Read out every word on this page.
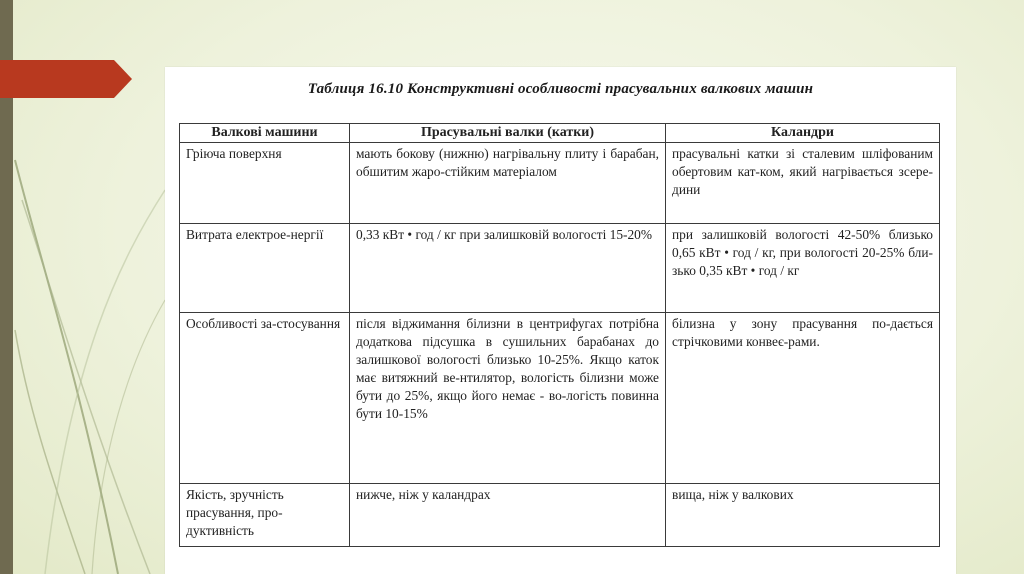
Таблиця 16.10 Конструктивні особливості прасувальних валкових машин
Валкові машини	Прасувальні валки (катки)	Каландри
Гріюча поверхня	мають бокову (нижню) нагрівальну плиту і барабан, обшитим жаро-стійким матеріалом	прасувальні катки зі сталевим шліфованим обертовим кат-ком, який нагрівається зсере-дини
Витрата електрое-нергії	0,33 кВт • год / кг при залишковій вологості 15-20%	при залишковій вологості 42-50% близько 0,65 кВт • год / кг, при вологості 20-25% бли-зько 0,35 кВт • год / кг
Особливості за-стосування	після віджимання білизни в центрифугах потрібна додаткова підсушка в сушильних барабанах до залишкової вологості близько 10-25%. Якщо каток має витяжний ве-нтилятор, вологість білизни може бути до 25%, якщо його немає - во-логість повинна бути 10-15%	білизна у зону прасування по-дається стрічковими конвеє-рами.
Якість, зручність прасування, про-дуктивність	нижче, ніж у каландрах	вища, ніж у валкових
